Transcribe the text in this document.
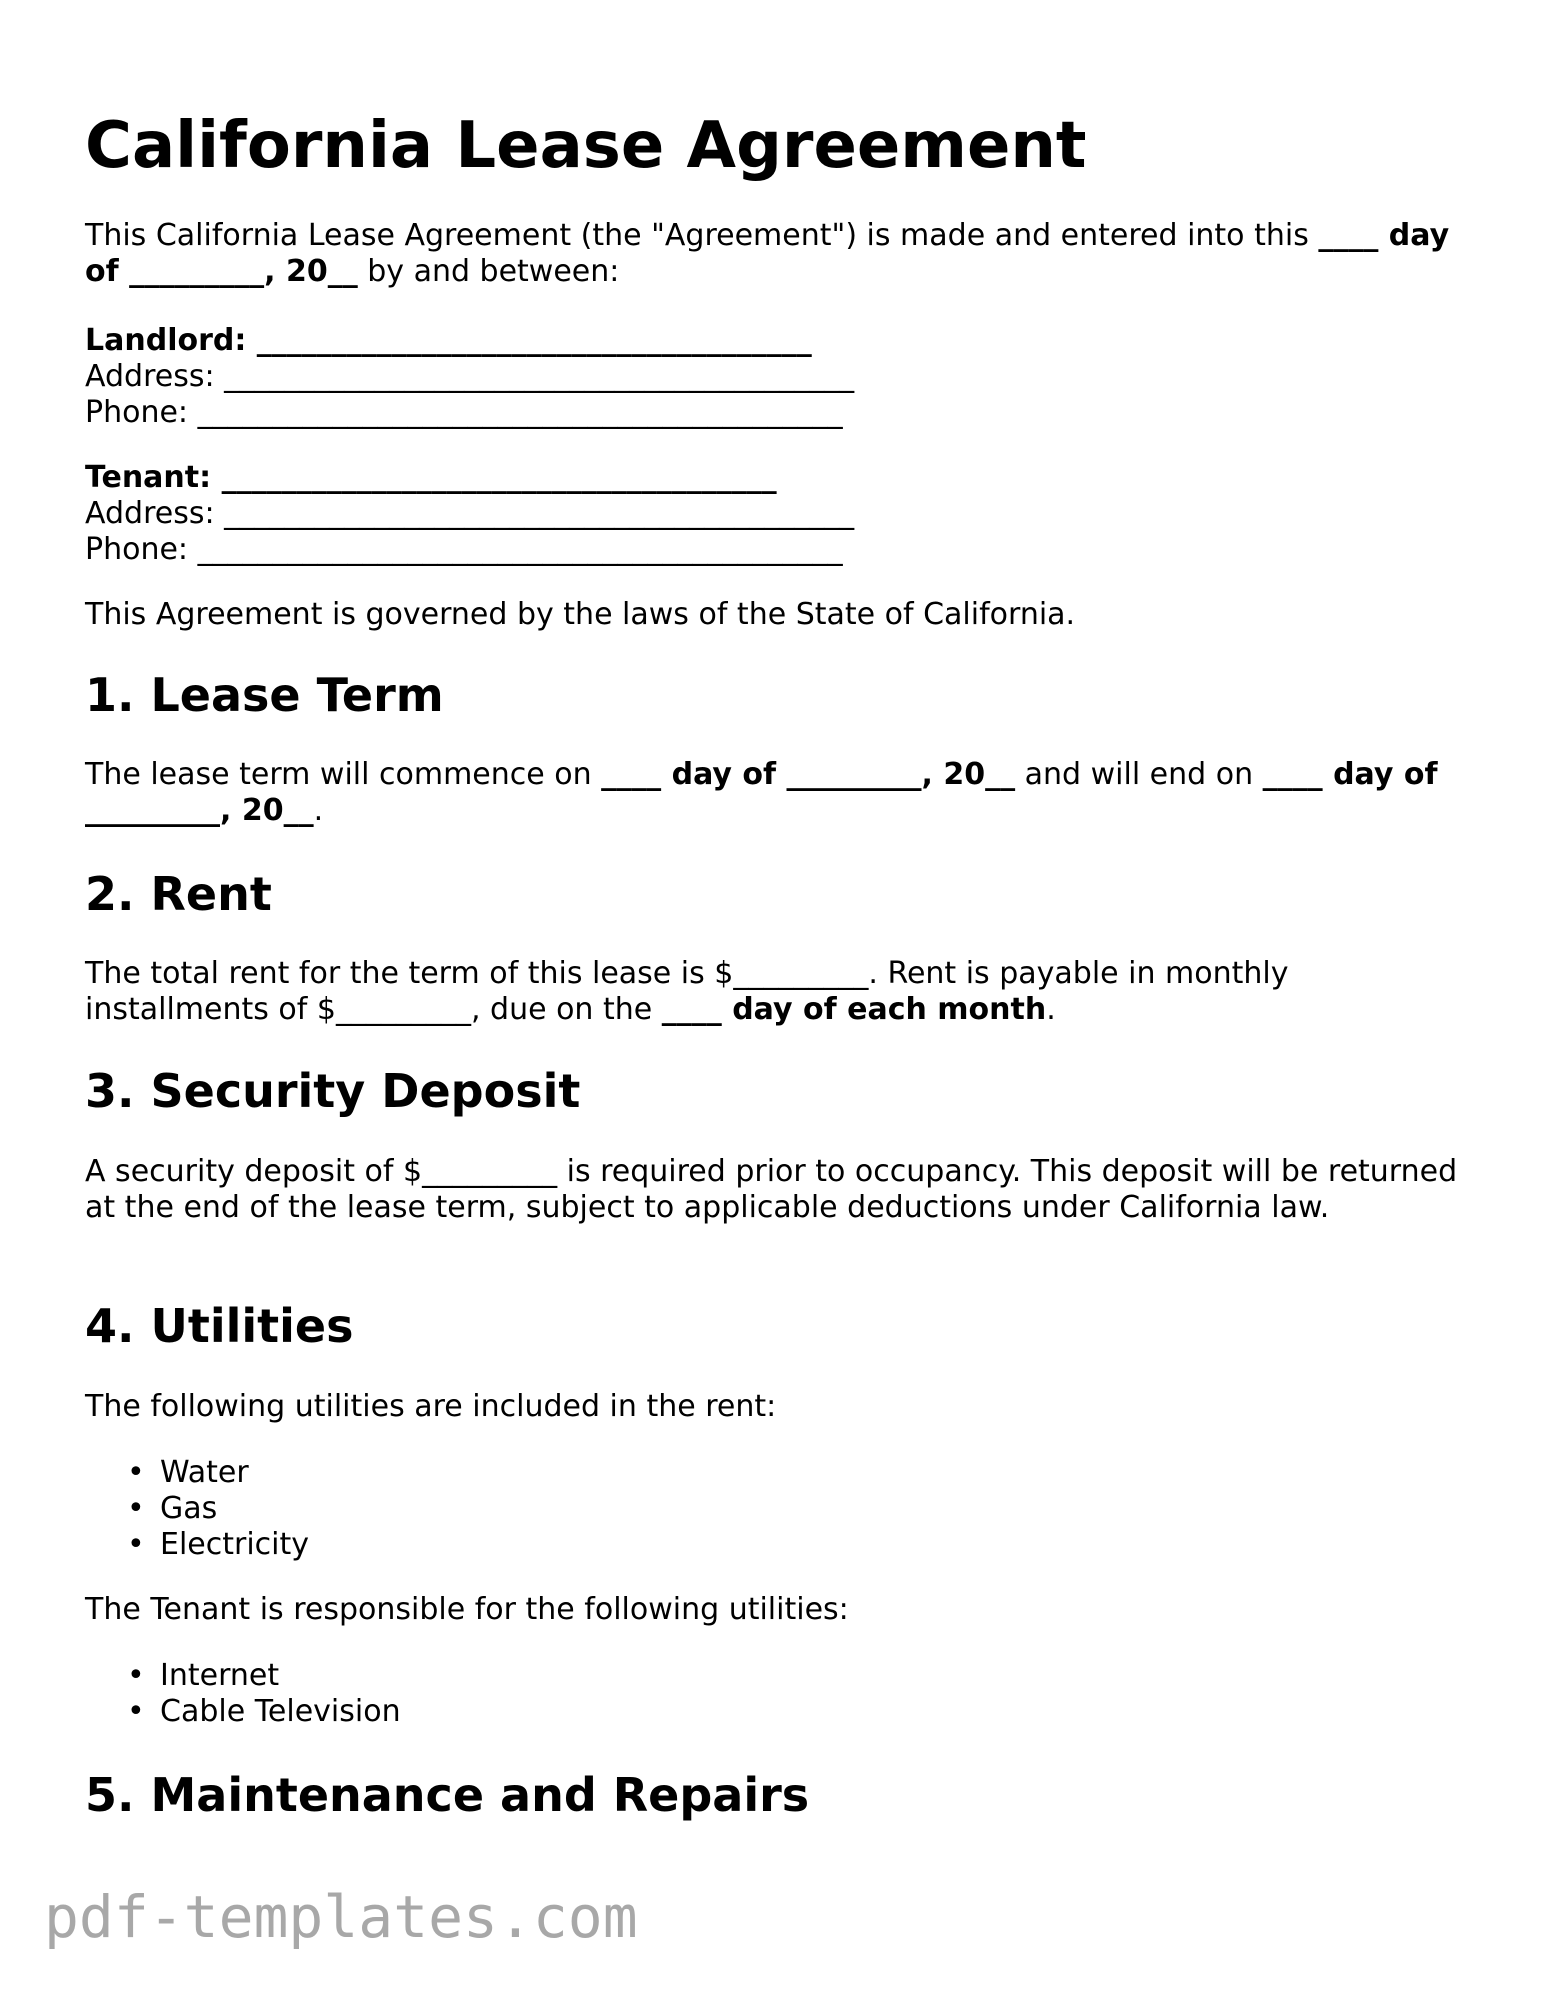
California Lease Agreement

This California Lease Agreement (the "Agreement") is made and entered into this ____ day of _________, 20__ by and between:

Landlord: _____________________________________
Address: __________________________________________
Phone: ___________________________________________
Tenant: _____________________________________
Address: __________________________________________
Phone: ___________________________________________

This Agreement is governed by the laws of the State of California.

1. Lease Term

The lease term will commence on ____ day of _________, 20__ and will end on ____ day of _________, 20__.

2. Rent

The total rent for the term of this lease is $_________. Rent is payable in monthly installments of $_________, due on the ____ day of each month.

3. Security Deposit

A security deposit of $_________ is required prior to occupancy. This deposit will be returned at the end of the lease term, subject to applicable deductions under California law.

4. Utilities

The following utilities are included in the rent:

• Water
• Gas
• Electricity

The Tenant is responsible for the following utilities:

• Internet
• Cable Television
5. Maintenance and Repairs
pdf-templates.com
